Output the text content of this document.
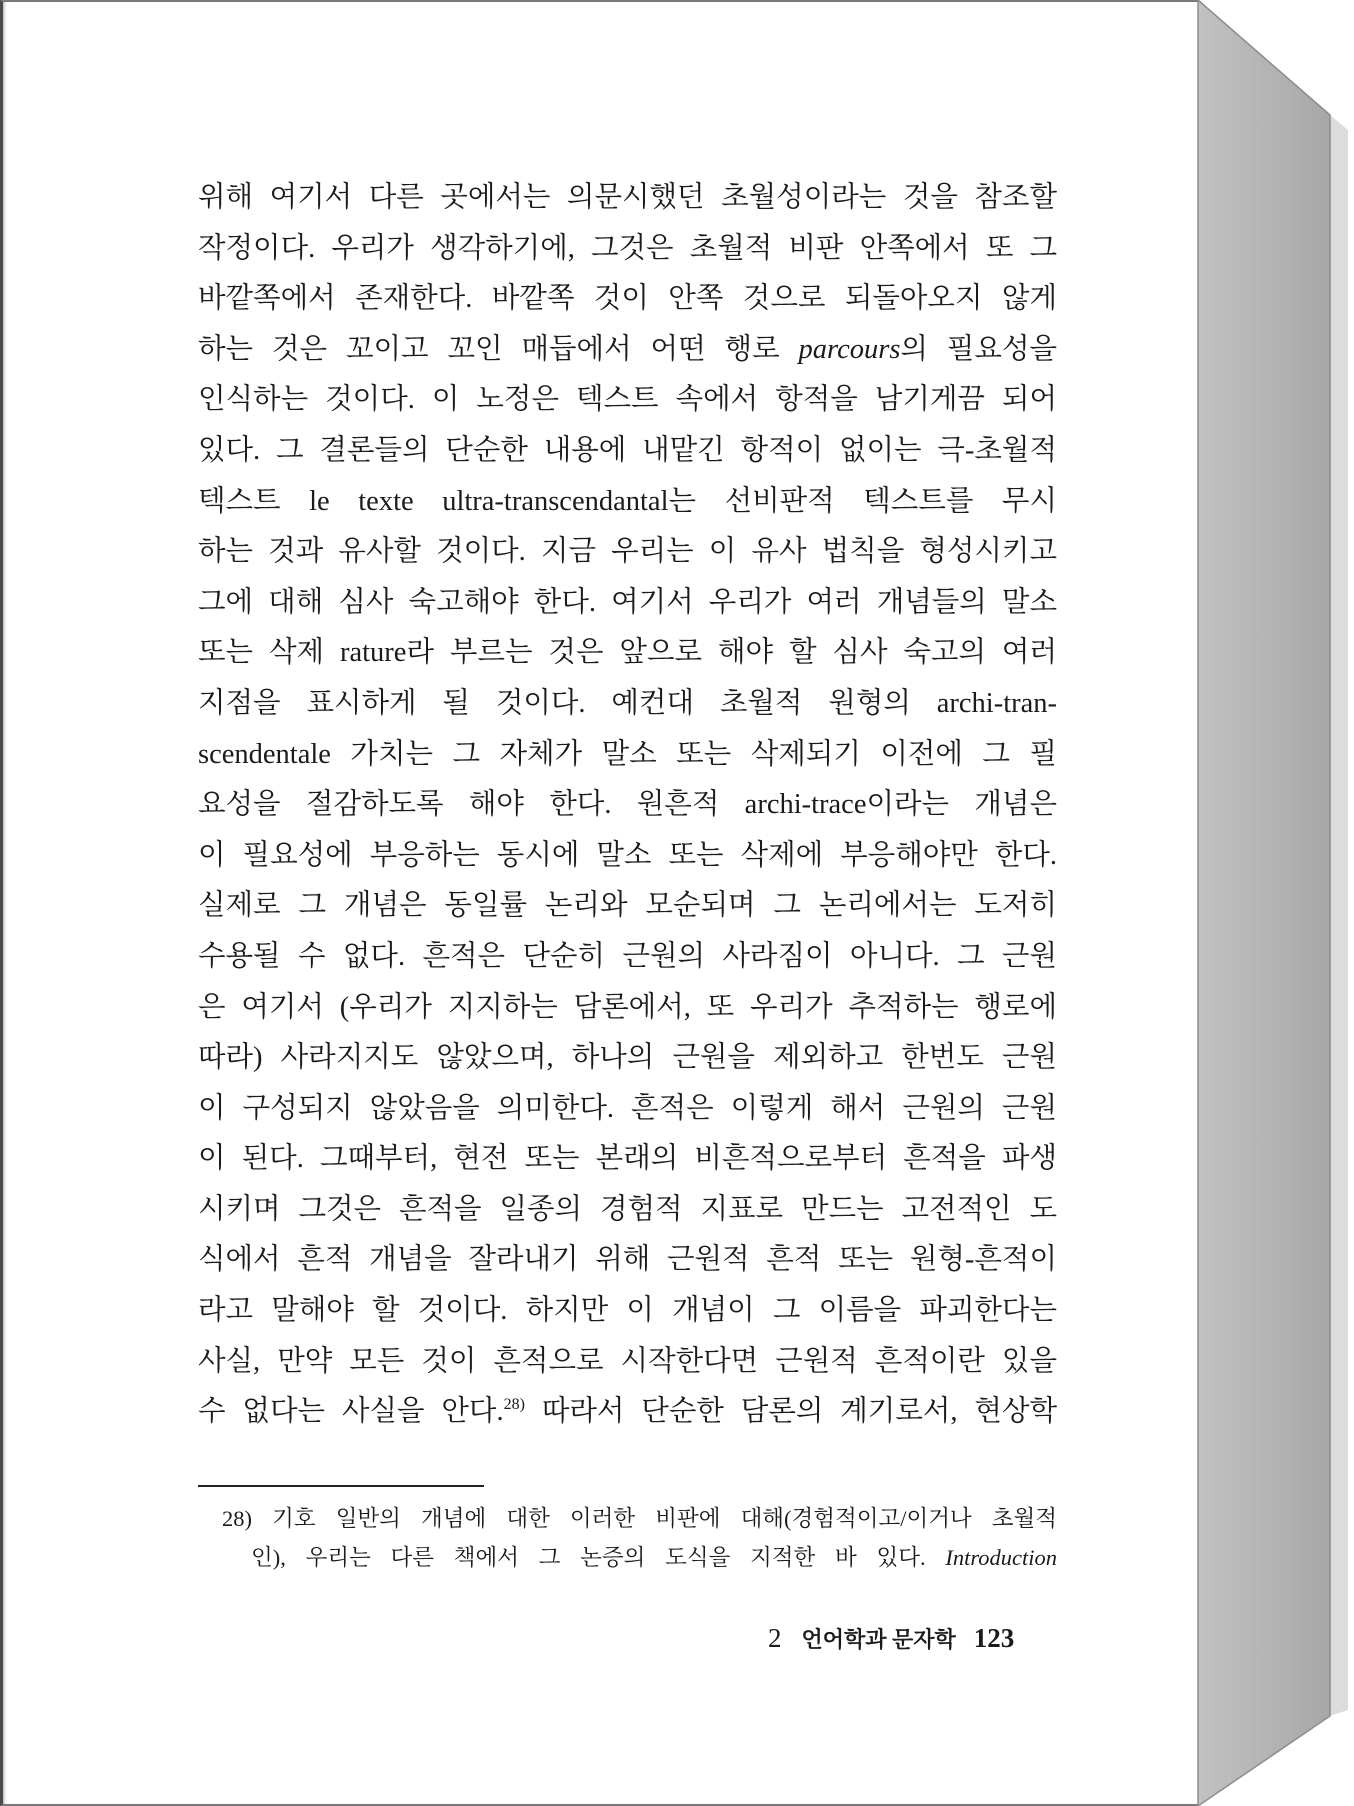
위해 여기서 다른 곳에서는 의문시했던 초월성이라는 것을 참조할
작정이다. 우리가 생각하기에, 그것은 초월적 비판 안쪽에서 또 그
바깥쪽에서 존재한다. 바깥쪽 것이 안쪽 것으로 되돌아오지 않게
하는 것은 꼬이고 꼬인 매듭에서 어떤 행로 parcours의 필요성을
인식하는 것이다. 이 노정은 텍스트 속에서 항적을 남기게끔 되어
있다. 그 결론들의 단순한 내용에 내맡긴 항적이 없이는 극-초월적
텍스트 le texte ultra-transcendantal는 선비판적 텍스트를 무시
하는 것과 유사할 것이다. 지금 우리는 이 유사 법칙을 형성시키고
그에 대해 심사 숙고해야 한다. 여기서 우리가 여러 개념들의 말소
또는 삭제 rature라 부르는 것은 앞으로 해야 할 심사 숙고의 여러
지점을 표시하게 될 것이다. 예컨대 초월적 원형의 archi-tran-
scendentale 가치는 그 자체가 말소 또는 삭제되기 이전에 그 필
요성을 절감하도록 해야 한다. 원흔적 archi-trace이라는 개념은
이 필요성에 부응하는 동시에 말소 또는 삭제에 부응해야만 한다.
실제로 그 개념은 동일률 논리와 모순되며 그 논리에서는 도저히
수용될 수 없다. 흔적은 단순히 근원의 사라짐이 아니다. 그 근원
은 여기서 (우리가 지지하는 담론에서, 또 우리가 추적하는 행로에
따라) 사라지지도 않았으며, 하나의 근원을 제외하고 한번도 근원
이 구성되지 않았음을 의미한다. 흔적은 이렇게 해서 근원의 근원
이 된다. 그때부터, 현전 또는 본래의 비흔적으로부터 흔적을 파생
시키며 그것은 흔적을 일종의 경험적 지표로 만드는 고전적인 도
식에서 흔적 개념을 잘라내기 위해 근원적 흔적 또는 원형-흔적이
라고 말해야 할 것이다. 하지만 이 개념이 그 이름을 파괴한다는
사실, 만약 모든 것이 흔적으로 시작한다면 근원적 흔적이란 있을
수 없다는 사실을 안다.$^{28)}$ 따라서 단순한 담론의 계기로서, 현상학
28) 기호 일반의 개념에 대한 이러한 비판에 대해(경험적이고/이거나 초월적
인), 우리는 다른 책에서 그 논증의 도식을 지적한 바 있다. Introduction
2 언어학과 문자학 123
